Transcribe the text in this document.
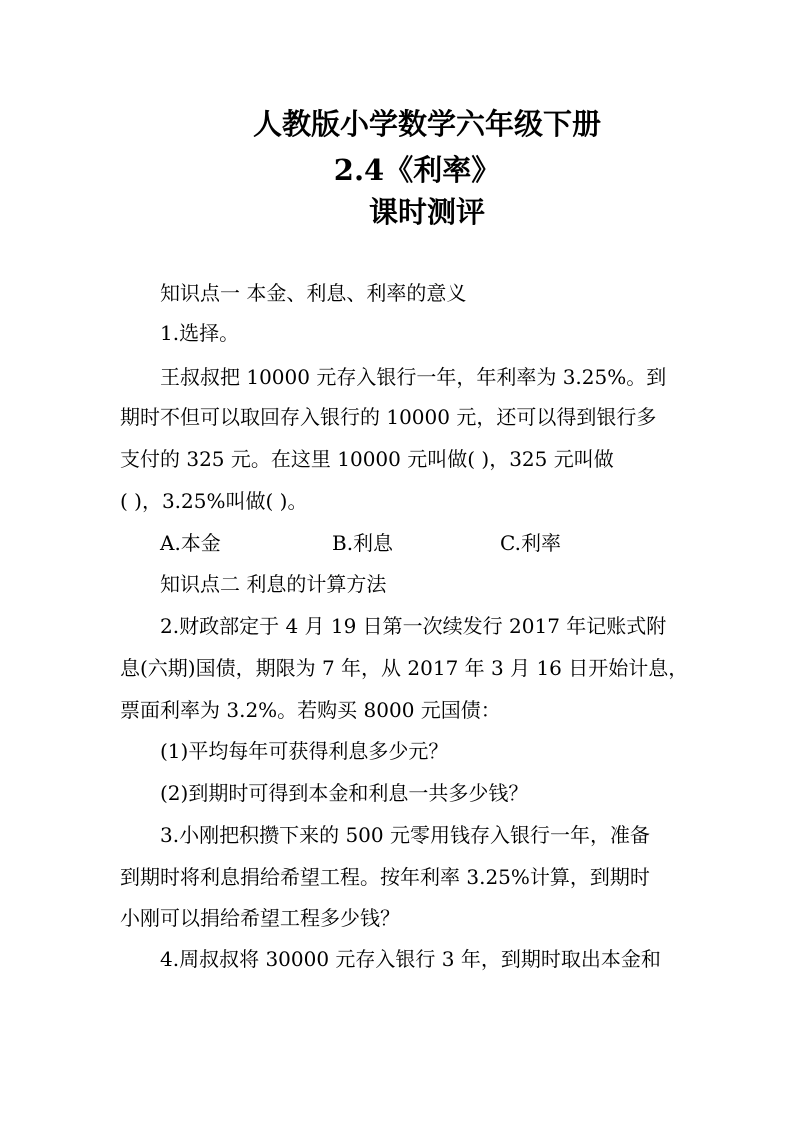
人教版小学数学六年级下册
2.4《利率》
课时测评
知识点一 本金、利息、利率的意义
1.选择。
王叔叔把 10000 元存入银行一年，年利率为 3.25%。到
期时不但可以取回存入银行的 10000 元，还可以得到银行多
支付的 325 元。在这里 10000 元叫做( )，325 元叫做
( )，3.25%叫做( )。
A.本金	B.利息	C.利率
知识点二 利息的计算方法
2.财政部定于 4 月 19 日第一次续发行 2017 年记账式附
息(六期)国债，期限为 7 年，从 2017 年 3 月 16 日开始计息，
票面利率为 3.2%。若购买 8000 元国债：
(1)平均每年可获得利息多少元？
(2)到期时可得到本金和利息一共多少钱？
3.小刚把积攒下来的 500 元零用钱存入银行一年，准备
到期时将利息捐给希望工程。按年利率 3.25%计算，到期时
小刚可以捐给希望工程多少钱？
4.周叔叔将 30000 元存入银行 3 年，到期时取出本金和
